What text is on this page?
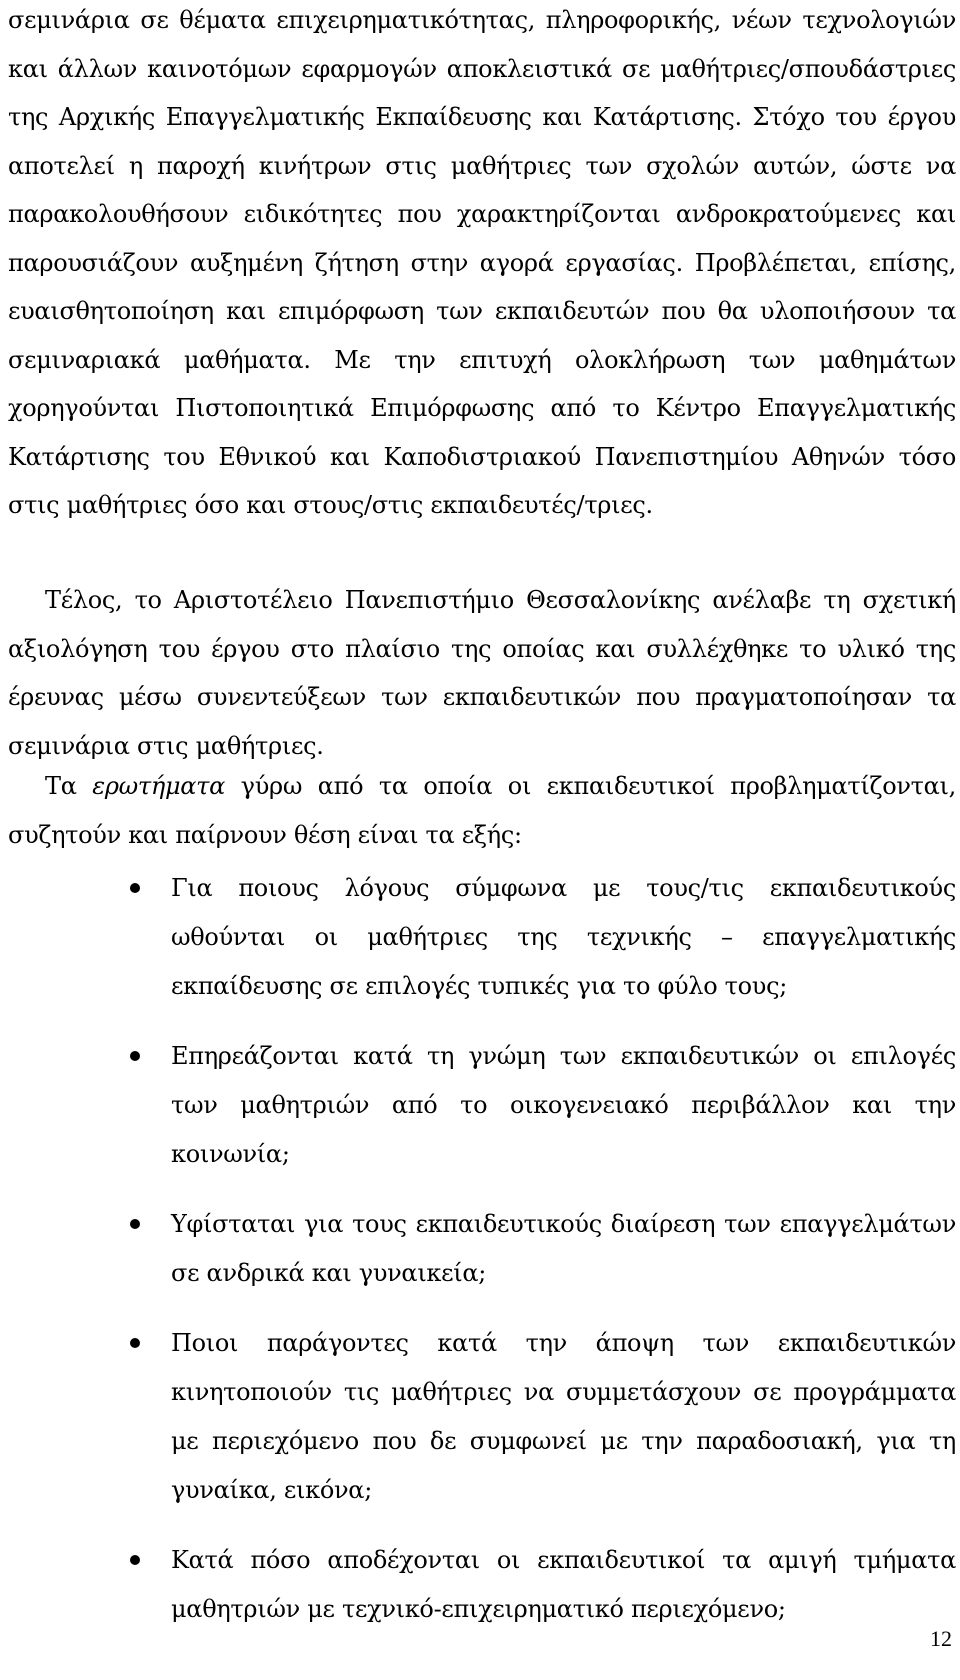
σεμινάρια σε θέματα επιχειρηματικότητας, πληροφορικής, νέων τεχνολογιών και άλλων καινοτόμων εφαρμογών αποκλειστικά σε μαθήτριες/σπουδάστριες της Αρχικής Επαγγελματικής Εκπαίδευσης και Κατάρτισης. Στόχο του έργου αποτελεί η παροχή κινήτρων στις μαθήτριες των σχολών αυτών, ώστε να παρακολουθήσουν ειδικότητες που χαρακτηρίζονται ανδροκρατούμενες και παρουσιάζουν αυξημένη ζήτηση στην αγορά εργασίας. Προβλέπεται, επίσης, ευαισθητοποίηση και επιμόρφωση των εκπαιδευτών που θα υλοποιήσουν τα σεμιναριακά μαθήματα. Με την επιτυχή ολοκλήρωση των μαθημάτων χορηγούνται Πιστοποιητικά Επιμόρφωσης από το Κέντρο Επαγγελματικής Κατάρτισης του Εθνικού και Καποδιστριακού Πανεπιστημίου Αθηνών τόσο στις μαθήτριες όσο και στους/στις εκπαιδευτές/τριες.

Τέλος, το Αριστοτέλειο Πανεπιστήμιο Θεσσαλονίκης ανέλαβε τη σχετική αξιολόγηση του έργου στο πλαίσιο της οποίας και συλλέχθηκε το υλικό της έρευνας μέσω συνεντεύξεων των εκπαιδευτικών που πραγματοποίησαν τα σεμινάρια στις μαθήτριες.

Τα ερωτήματα γύρω από τα οποία οι εκπαιδευτικοί προβληματίζονται, συζητούν και παίρνουν θέση είναι τα εξής:

Για ποιους λόγους σύμφωνα με τους/τις εκπαιδευτικούς ωθούνται οι μαθήτριες της τεχνικής – επαγγελματικής εκπαίδευσης σε επιλογές τυπικές για το φύλο τους;
Επηρεάζονται κατά τη γνώμη των εκπαιδευτικών οι επιλογές των μαθητριών από το οικογενειακό περιβάλλον και την κοινωνία;
Υφίσταται για τους εκπαιδευτικούς διαίρεση των επαγγελμάτων σε ανδρικά και γυναικεία;
Ποιοι παράγοντες κατά την άποψη των εκπαιδευτικών κινητοποιούν τις μαθήτριες να συμμετάσχουν σε προγράμματα με περιεχόμενο που δε συμφωνεί με την παραδοσιακή, για τη γυναίκα, εικόνα;
Κατά πόσο αποδέχονται οι εκπαιδευτικοί τα αμιγή τμήματα μαθητριών με τεχνικό-επιχειρηματικό περιεχόμενο;
12
